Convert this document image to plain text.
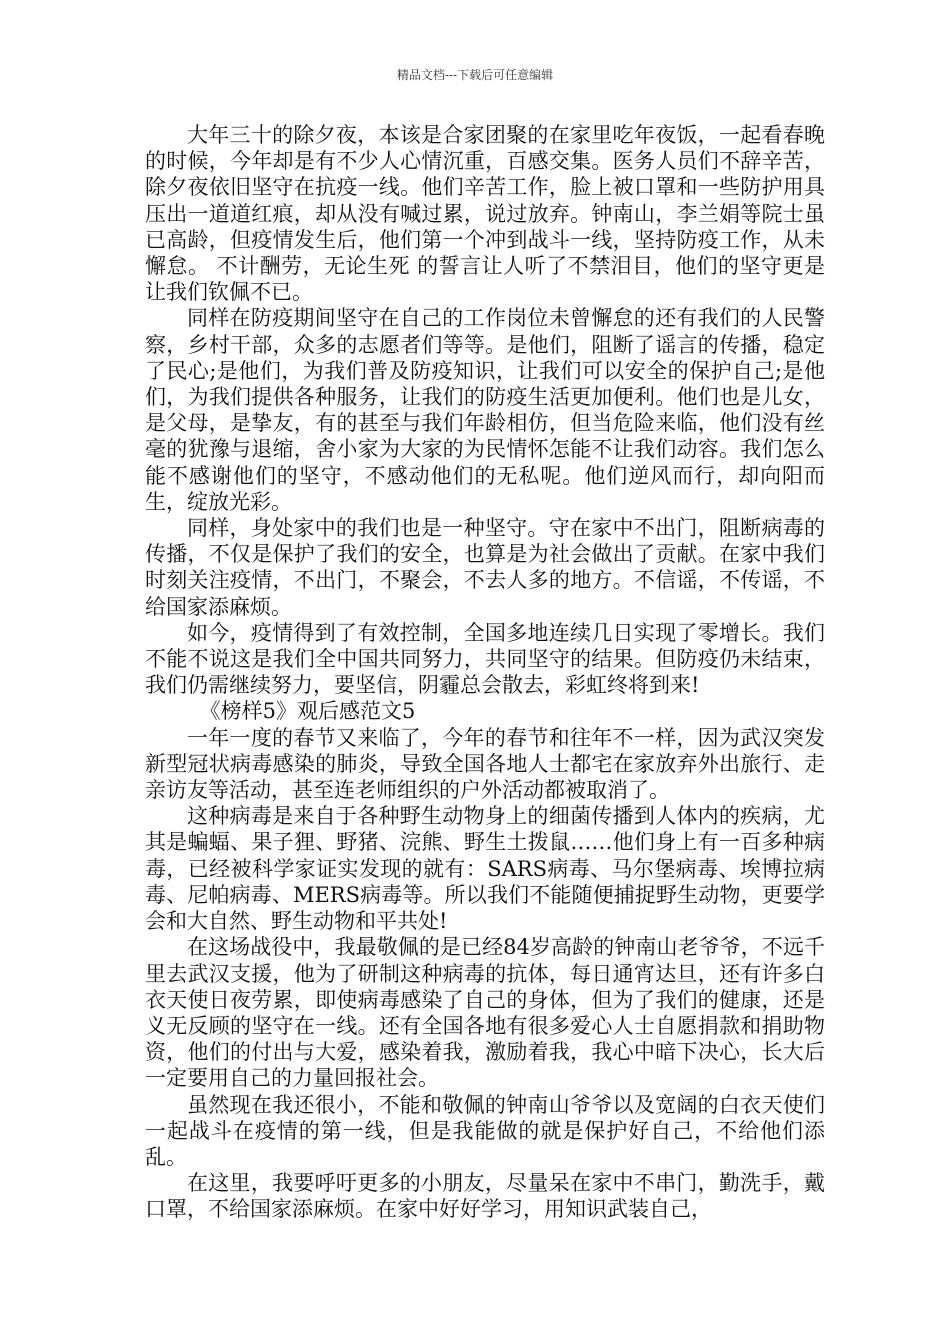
精品文档---下载后可任意编辑

大年三十的除夕夜，本该是合家团聚的在家里吃年夜饭，一起看春晚的时候，今年却是有不少人心情沉重，百感交集。医务人员们不辞辛苦，除夕夜依旧坚守在抗疫一线。他们辛苦工作，脸上被口罩和一些防护用具压出一道道红痕，却从没有喊过累，说过放弃。钟南山，李兰娟等院士虽已高龄，但疫情发生后，他们第一个冲到战斗一线，坚持防疫工作，从未懈怠。 不计酬劳，无论生死 的誓言让人听了不禁泪目，他们的坚守更是让我们钦佩不已。

同样在防疫期间坚守在自己的工作岗位未曾懈怠的还有我们的人民警察，乡村干部，众多的志愿者们等等。是他们，阻断了谣言的传播，稳定了民心;是他们，为我们普及防疫知识，让我们可以安全的保护自己;是他们，为我们提供各种服务，让我们的防疫生活更加便利。他们也是儿女，是父母，是挚友，有的甚至与我们年龄相仿，但当危险来临，他们没有丝毫的犹豫与退缩，舍小家为大家的为民情怀怎能不让我们动容。我们怎么能不感谢他们的坚守，不感动他们的无私呢。他们逆风而行，却向阳而生，绽放光彩。

同样，身处家中的我们也是一种坚守。守在家中不出门，阻断病毒的传播，不仅是保护了我们的安全，也算是为社会做出了贡献。在家中我们时刻关注疫情，不出门，不聚会，不去人多的地方。不信谣，不传谣，不给国家添麻烦。

如今，疫情得到了有效控制，全国多地连续几日实现了零增长。我们不能不说这是我们全中国共同努力，共同坚守的结果。但防疫仍未结束，我们仍需继续努力，要坚信，阴霾总会散去，彩虹终将到来!

《榜样5》观后感范文5

一年一度的春节又来临了，今年的春节和往年不一样，因为武汉突发新型冠状病毒感染的肺炎，导致全国各地人士都宅在家放弃外出旅行、走亲访友等活动，甚至连老师组织的户外活动都被取消了。

这种病毒是来自于各种野生动物身上的细菌传播到人体内的疾病，尤其是蝙蝠、果子狸、野猪、浣熊、野生土拨鼠……他们身上有一百多种病毒，已经被科学家证实发现的就有：SARS病毒、马尔堡病毒、埃博拉病毒、尼帕病毒、MERS病毒等。所以我们不能随便捕捉野生动物，更要学会和大自然、野生动物和平共处!

在这场战役中，我最敬佩的是已经84岁高龄的钟南山老爷爷，不远千里去武汉支援，他为了研制这种病毒的抗体，每日通宵达旦，还有许多白衣天使日夜劳累，即使病毒感染了自己的身体，但为了我们的健康，还是义无反顾的坚守在一线。还有全国各地有很多爱心人士自愿捐款和捐助物资，他们的付出与大爱，感染着我，激励着我，我心中暗下决心，长大后一定要用自己的力量回报社会。

虽然现在我还很小，不能和敬佩的钟南山爷爷以及宽阔的白衣天使们一起战斗在疫情的第一线，但是我能做的就是保护好自己，不给他们添乱。

在这里，我要呼吁更多的小朋友，尽量呆在家中不串门，勤洗手，戴口罩，不给国家添麻烦。在家中好好学习，用知识武装自己，
